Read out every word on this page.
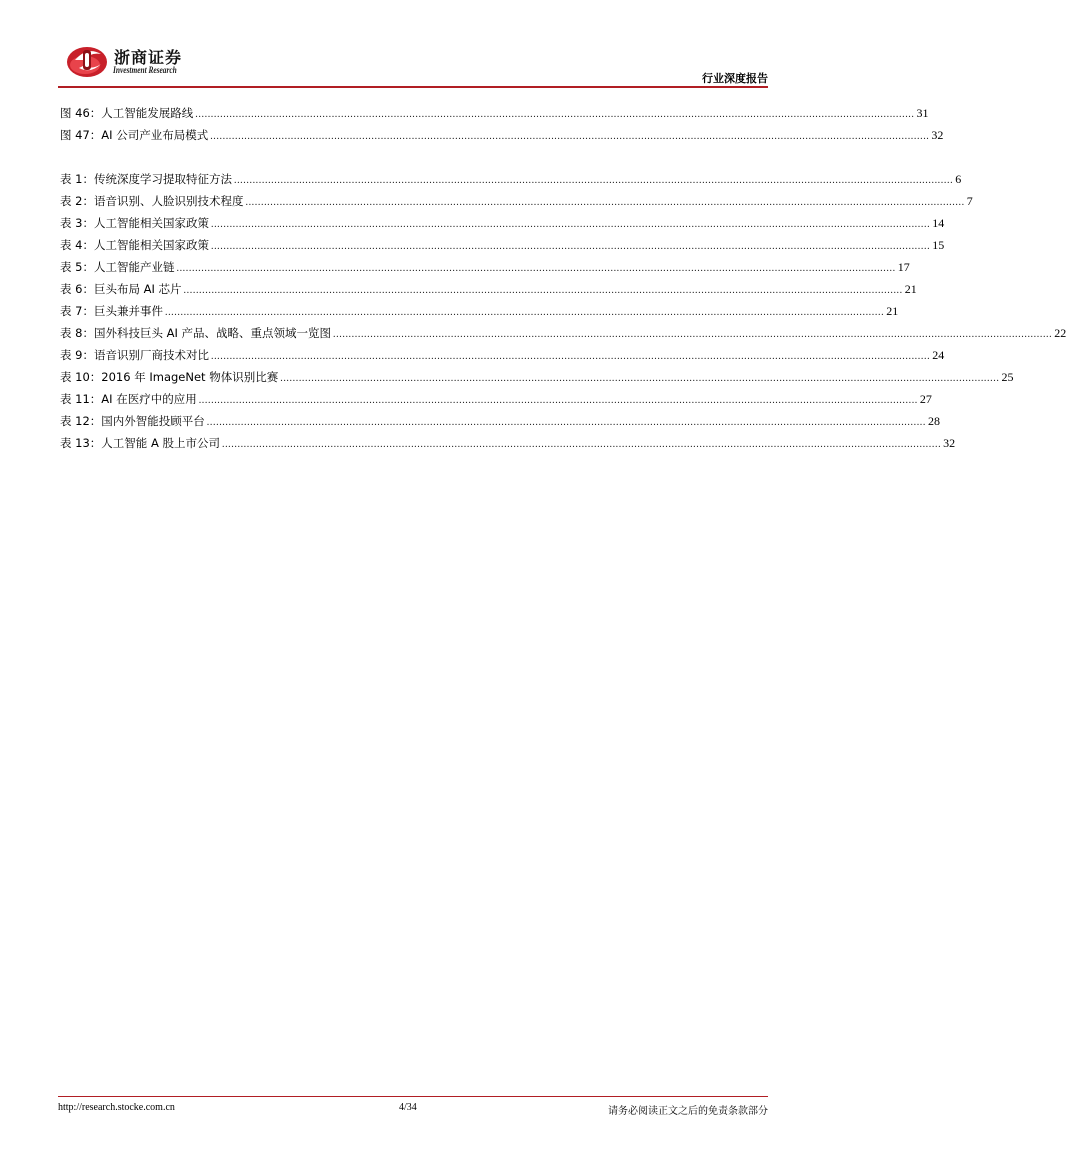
浙商证券
Investment Research
行业深度报告
图 46：人工智能发展路线 ........................................................................................................................................................................................................................................ 31
图 47：AI 公司产业布局模式 ........................................................................................................................................................................................................................................ 32
表 1：传统深度学习提取特征方法 ........................................................................................................................................................................................................................................ 6
表 2：语音识别、人脸识别技术程度 ........................................................................................................................................................................................................................................ 7
表 3：人工智能相关国家政策 ........................................................................................................................................................................................................................................ 14
表 4：人工智能相关国家政策 ........................................................................................................................................................................................................................................ 15
表 5：人工智能产业链 ........................................................................................................................................................................................................................................ 17
表 6：巨头布局 AI 芯片 ........................................................................................................................................................................................................................................ 21
表 7：巨头兼并事件 ........................................................................................................................................................................................................................................ 21
表 8：国外科技巨头 AI 产品、战略、重点领域一览图 ........................................................................................................................................................................................................................................ 22
表 9：语音识别厂商技术对比 ........................................................................................................................................................................................................................................ 24
表 10：2016 年 ImageNet 物体识别比赛 ........................................................................................................................................................................................................................................ 25
表 11：AI 在医疗中的应用 ........................................................................................................................................................................................................................................ 27
表 12：国内外智能投顾平台 ........................................................................................................................................................................................................................................ 28
表 13：人工智能 A 股上市公司 ........................................................................................................................................................................................................................................ 32
http://research.stocke.com.cn	4/34	请务必阅读正文之后的免责条款部分
